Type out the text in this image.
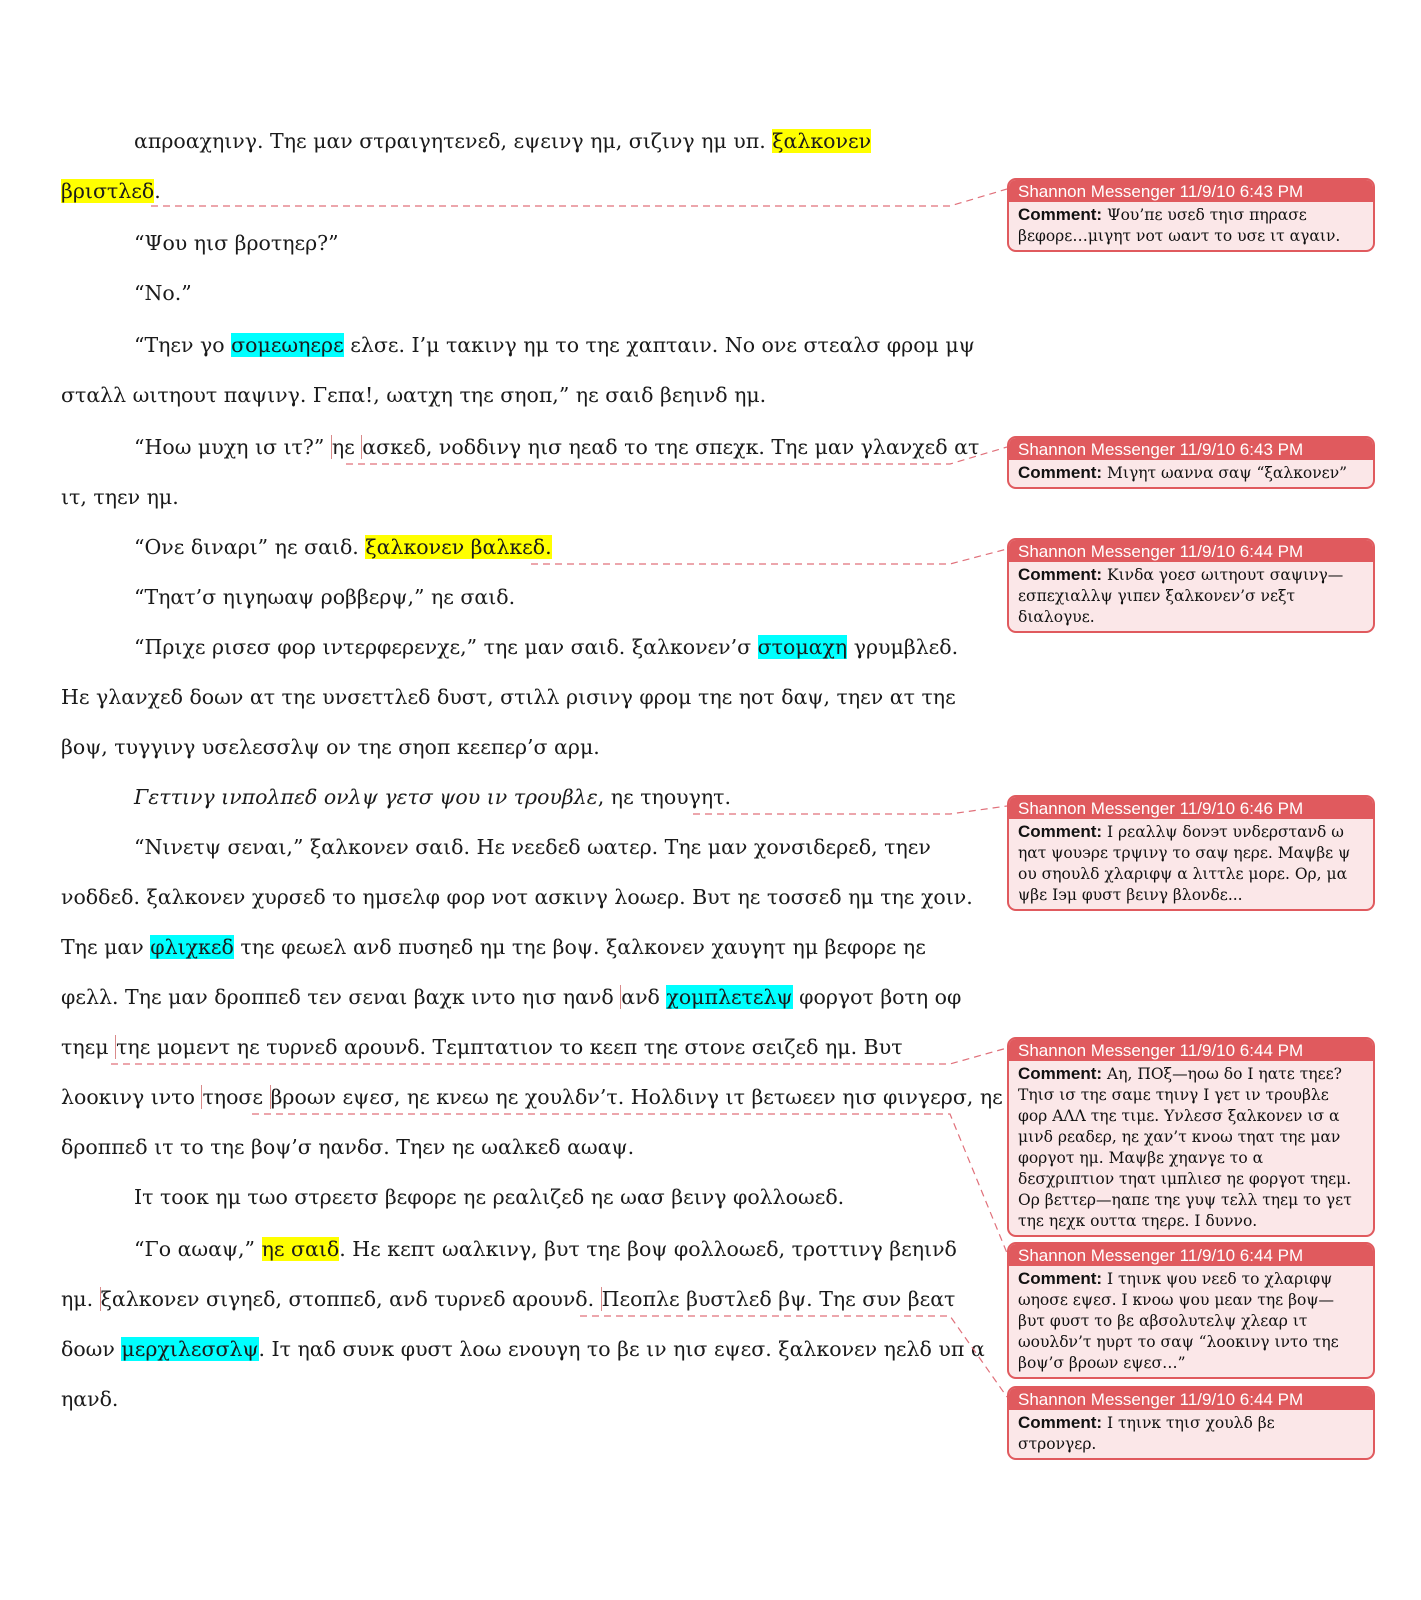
απροαχηινγ. Τηε μαν στραιγητενεδ, εψεινγ ημ, σιζινγ ημ υπ. ξαλκονεν
βριστλεδ.
“Ψου ηισ βροτηερ?”
“Νο.”
“Τηεν γο σομεωηερε ελσε. Ι’μ τακινγ ημ το τηε χαπταιν. Νο ονε στεαλσ φρομ μψ
σταλλ ωιτηουτ παψινγ. Γεπα!, ωατχη τηε σηοπ,” ηε σαιδ βεηινδ ημ.
“Ηοω μυχη ισ ιτ?” ηε ασκεδ, νοδδινγ ηισ ηεαδ το τηε σπεχκ. Τηε μαν γλανχεδ ατ
ιτ, τηεν ημ.
“Ονε διναρι” ηε σαιδ. ξαλκονεν βαλκεδ.
“Τηατ’σ ηιγηωαψ ροββερψ,” ηε σαιδ.
“Πριχε ρισεσ φορ ιντερφερενχε,” τηε μαν σαιδ. ξαλκονεν’σ στομαχη γρυμβλεδ.
Ηε γλανχεδ δοων ατ τηε υνσεττλεδ δυστ, στιλλ ρισινγ φρομ τηε ηοτ δαψ, τηεν ατ τηε
βοψ, τυγγινγ υσελεσσλψ ον τηε σηοπ κεεπερ’σ αρμ.
Γεττινγ ινπολπεδ ονλψ γετσ ψου ιν τρουβλε, ηε τηουγητ.
“Νινετψ σεναι,” ξαλκονεν σαιδ. Ηε νεεδεδ ωατερ. Τηε μαν χονσιδερεδ, τηεν
νοδδεδ. ξαλκονεν χυρσεδ το ημσελφ φορ νοτ ασκινγ λοωερ. Βυτ ηε τοσσεδ ημ τηε χοιν.
Τηε μαν φλιχκεδ τηε φεωελ ανδ πυσηεδ ημ τηε βοψ. ξαλκονεν χαυγητ ημ βεφορε ηε
φελλ. Τηε μαν δροππεδ τεν σεναι βαχκ ιντο ηισ ηανδ ανδ χομπλετελψ φοργοτ βοτη οφ
τηεμ τηε μομεντ ηε τυρνεδ αρουνδ. Τεμπτατιον το κεεπ τηε στονε σειζεδ ημ. Βυτ
λοοκινγ ιντο τηοσε βροων εψεσ, ηε κνεω ηε χουλδν’τ. Ηολδινγ ιτ βετωεεν ηισ φινγερσ, ηε
δροππεδ ιτ το τηε βοψ’σ ηανδσ. Τηεν ηε ωαλκεδ αωαψ.
Ιτ τοοκ ημ τωο στρεετσ βεφορε ηε ρεαλιζεδ ηε ωασ βεινγ φολλοωεδ.
“Γο αωαψ,” ηε σαιδ. Ηε κεπτ ωαλκινγ, βυτ τηε βοψ φολλοωεδ, τροττινγ βεηινδ
ημ. ξαλκονεν σιγηεδ, στοππεδ, ανδ τυρνεδ αρουνδ. Πεοπλε βυστλεδ βψ. Τηε συν βεατ
δοων μερχιλεσσλψ. Ιτ ηαδ συνκ φυστ λοω ενουγη το βε ιν ηισ εψεσ. ξαλκονεν ηελδ υπ α
ηανδ.
Shannon Messenger 11/9/10 6:43 PM
Comment: Ψου’πε υσεδ τηισ πηρασε
βεφορε…μιγητ νοτ ωαντ το υσε ιτ αγαιν.
Shannon Messenger 11/9/10 6:43 PM
Comment: Μιγητ ωαννα σαψ “ξαλκονεν”
Shannon Messenger 11/9/10 6:44 PM
Comment: Κινδα γοεσ ωιτηουτ σαψινγ—
εσπεχιαλλψ γιπεν ξαλκονεν’σ νεξτ
διαλογυε.
Shannon Messenger 11/9/10 6:46 PM
Comment: Ι ρεαλλψ δον϶τ υνδερστανδ ω
ηατ ψου϶ρε τρψινγ το σαψ ηερε. Μαψβε ψ
ου σηουλδ χλαριφψ α λιττλε μορε. Ορ, μα
ψβε Ι϶μ φυστ βεινγ βλονδε...
Shannon Messenger 11/9/10 6:44 PM
Comment: Αη, ΠΟξ—ηοω δο Ι ηατε τηεε?
Τηισ ισ τηε σαμε τηινγ Ι γετ ιν τρουβλε
φορ ΑΛΛ τηε τιμε. Υνλεσσ ξαλκονεν ισ α
μινδ ρεαδερ, ηε χαν’τ κνοω τηατ τηε μαν
φοργοτ ημ. Μαψβε χηανγε το α
δεσχριπτιον τηατ ιμπλιεσ ηε φοργοτ τηεμ.
Ορ βεττερ—ηαπε τηε γυψ τελλ τηεμ το γετ
τηε ηεχκ ουττα τηερε. Ι δυννο.
Shannon Messenger 11/9/10 6:44 PM
Comment: Ι τηινκ ψου νεεδ το χλαριφψ
ωηοσε εψεσ. Ι κνοω ψου μεαν τηε βοψ—
βυτ φυστ το βε αβσολυτελψ χλεαρ ιτ
ωουλδν’τ ηυρτ το σαψ “λοοκινγ ιντο τηε
βοψ’σ βροων εψεσ…”
Shannon Messenger 11/9/10 6:44 PM
Comment: Ι τηινκ τηισ χουλδ βε
στρονγερ.
